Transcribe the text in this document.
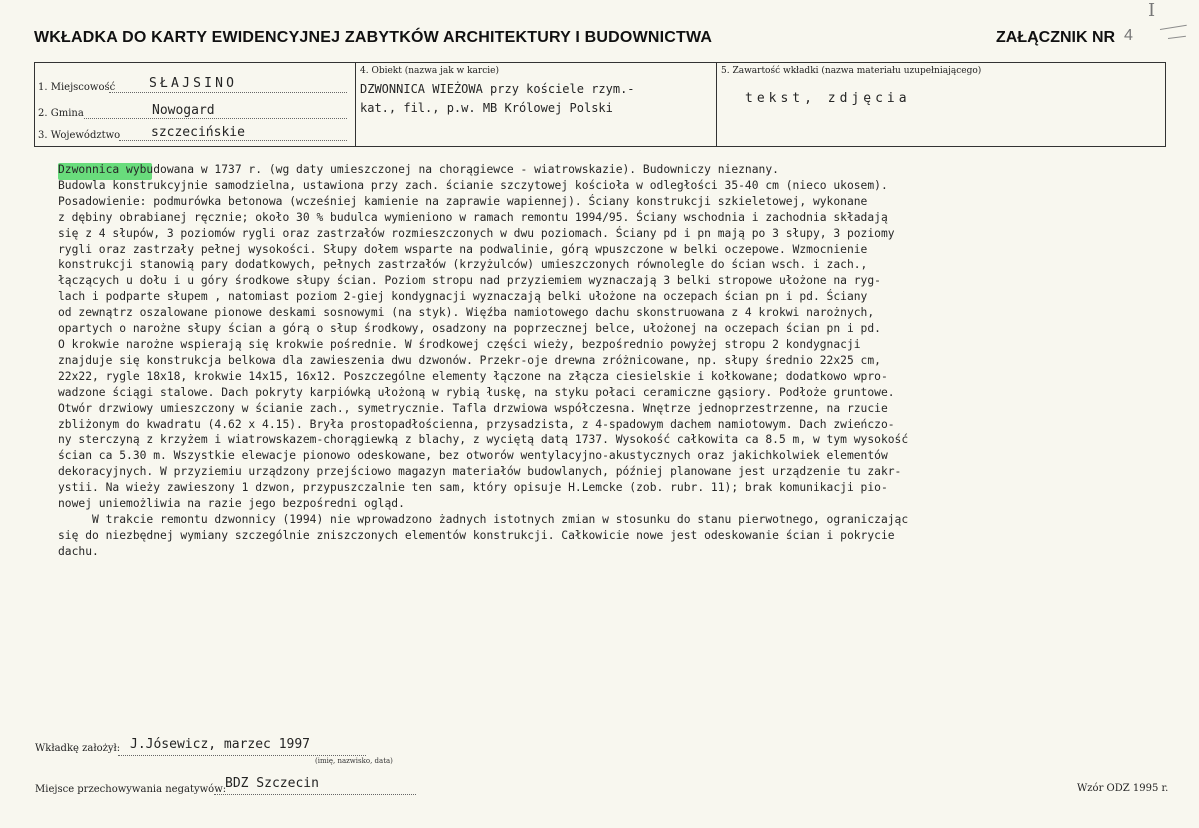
I
WKŁADKA DO KARTY EWIDENCYJNEJ ZABYTKÓW ARCHITEKTURY I BUDOWNICTWA	ZAŁĄCZNIK NR 4
1. Miejscowość	SŁAJSINO
2. Gmina	Nowogard
3. Województwo szczecińskie
4. Obiekt (nazwa jak w karcie)
DZWONNICA WIEŻOWA przy kościele rzym.-
kat., fil., p.w. MB Królowej Polski
5. Zawartość wkładki (nazwa materiału uzupełniającego)
tekst, zdjęcia
Dzwonnica wybudowana w 1737 r. (wg daty umieszczonej na chorągiewce - wiatrowskazie). Budowniczy nieznany.
Budowla konstrukcyjnie samodzielna, ustawiona przy zach. ścianie szczytowej kościoła w odległości 35-40 cm (nieco ukosem).
Posadowienie: podmurówka betonowa (wcześniej kamienie na zaprawie wapiennej). Ściany konstrukcji szkieletowej, wykonane
z dębiny obrabianej ręcznie; około 30 % budulca wymieniono w ramach remontu 1994/95. Ściany wschodnia i zachodnia składają
się z 4 słupów, 3 poziomów rygli oraz zastrzałów rozmieszczonych w dwu poziomach. Ściany pd i pn mają po 3 słupy, 3 poziomy
rygli oraz zastrzały pełnej wysokości. Słupy dołem wsparte na podwalinie, górą wpuszczone w belki oczepowe. Wzmocnienie
konstrukcji stanowią pary dodatkowych, pełnych zastrzałów (krzyżulców) umieszczonych równolegle do ścian wsch. i zach.,
łączących u dołu i u góry środkowe słupy ścian. Poziom stropu nad przyziemiem wyznaczają 3 belki stropowe ułożone na ryg-
lach i podparte słupem , natomiast poziom 2-giej kondygnacji wyznaczają belki ułożone na oczepach ścian pn i pd. Ściany
od zewnątrz oszalowane pionowe deskami sosnowymi (na styk). Więźba namiotowego dachu skonstruowana z 4 krokwi narożnych,
opartych o narożne słupy ścian a górą o słup środkowy, osadzony na poprzecznej belce, ułożonej na oczepach ścian pn i pd.
O krokwie narożne wspierają się krokwie pośrednie. W środkowej części wieży, bezpośrednio powyżej stropu 2 kondygnacji
znajduje się konstrukcja belkowa dla zawieszenia dwu dzwonów. Przekr-oje drewna zróżnicowane, np. słupy średnio 22x25 cm,
22x22, rygle 18x18, krokwie 14x15, 16x12. Poszczególne elementy łączone na złącza ciesielskie i kołkowane; dodatkowo wpro-
wadzone ściągi stalowe. Dach pokryty karpiówką ułożoną w rybią łuskę, na styku połaci ceramiczne gąsiory. Podłoże gruntowe.
Otwór drzwiowy umieszczony w ścianie zach., symetrycznie. Tafla drzwiowa współczesna. Wnętrze jednoprzestrzenne, na rzucie
zbliżonym do kwadratu (4.62 x 4.15). Bryła prostopadłościenna, przysadzista, z 4-spadowym dachem namiotowym. Dach zwieńczo-
ny sterczyną z krzyżem i wiatrowskazem-chorągiewką z blachy, z wyciętą datą 1737. Wysokość całkowita ca 8.5 m, w tym wysokość
ścian ca 5.30 m. Wszystkie elewacje pionowo odeskowane, bez otworów wentylacyjno-akustycznych oraz jakichkolwiek elementów
dekoracyjnych. W przyziemiu urządzony przejściowo magazyn materiałów budowlanych, później planowane jest urządzenie tu zakr-
ystii. Na wieży zawieszony 1 dzwon, przypuszczalnie ten sam, który opisuje H.Lemcke (zob. rubr. 11); brak komunikacji pio-
nowej uniemożliwia na razie jego bezpośredni ogląd.
W trakcie remontu dzwonnicy (1994) nie wprowadzono żadnych istotnych zmian w stosunku do stanu pierwotnego, ograniczając
się do niezbędnej wymiany szczególnie zniszczonych elementów konstrukcji. Całkowicie nowe jest odeskowanie ścian i pokrycie
dachu.
Wkładkę założył: J.Jósewicz, marzec 1997
(imię, nazwisko, data)
Miejsce przechowywania negatywów:
BDZ Szczecin	Wzór ODZ 1995 r.
